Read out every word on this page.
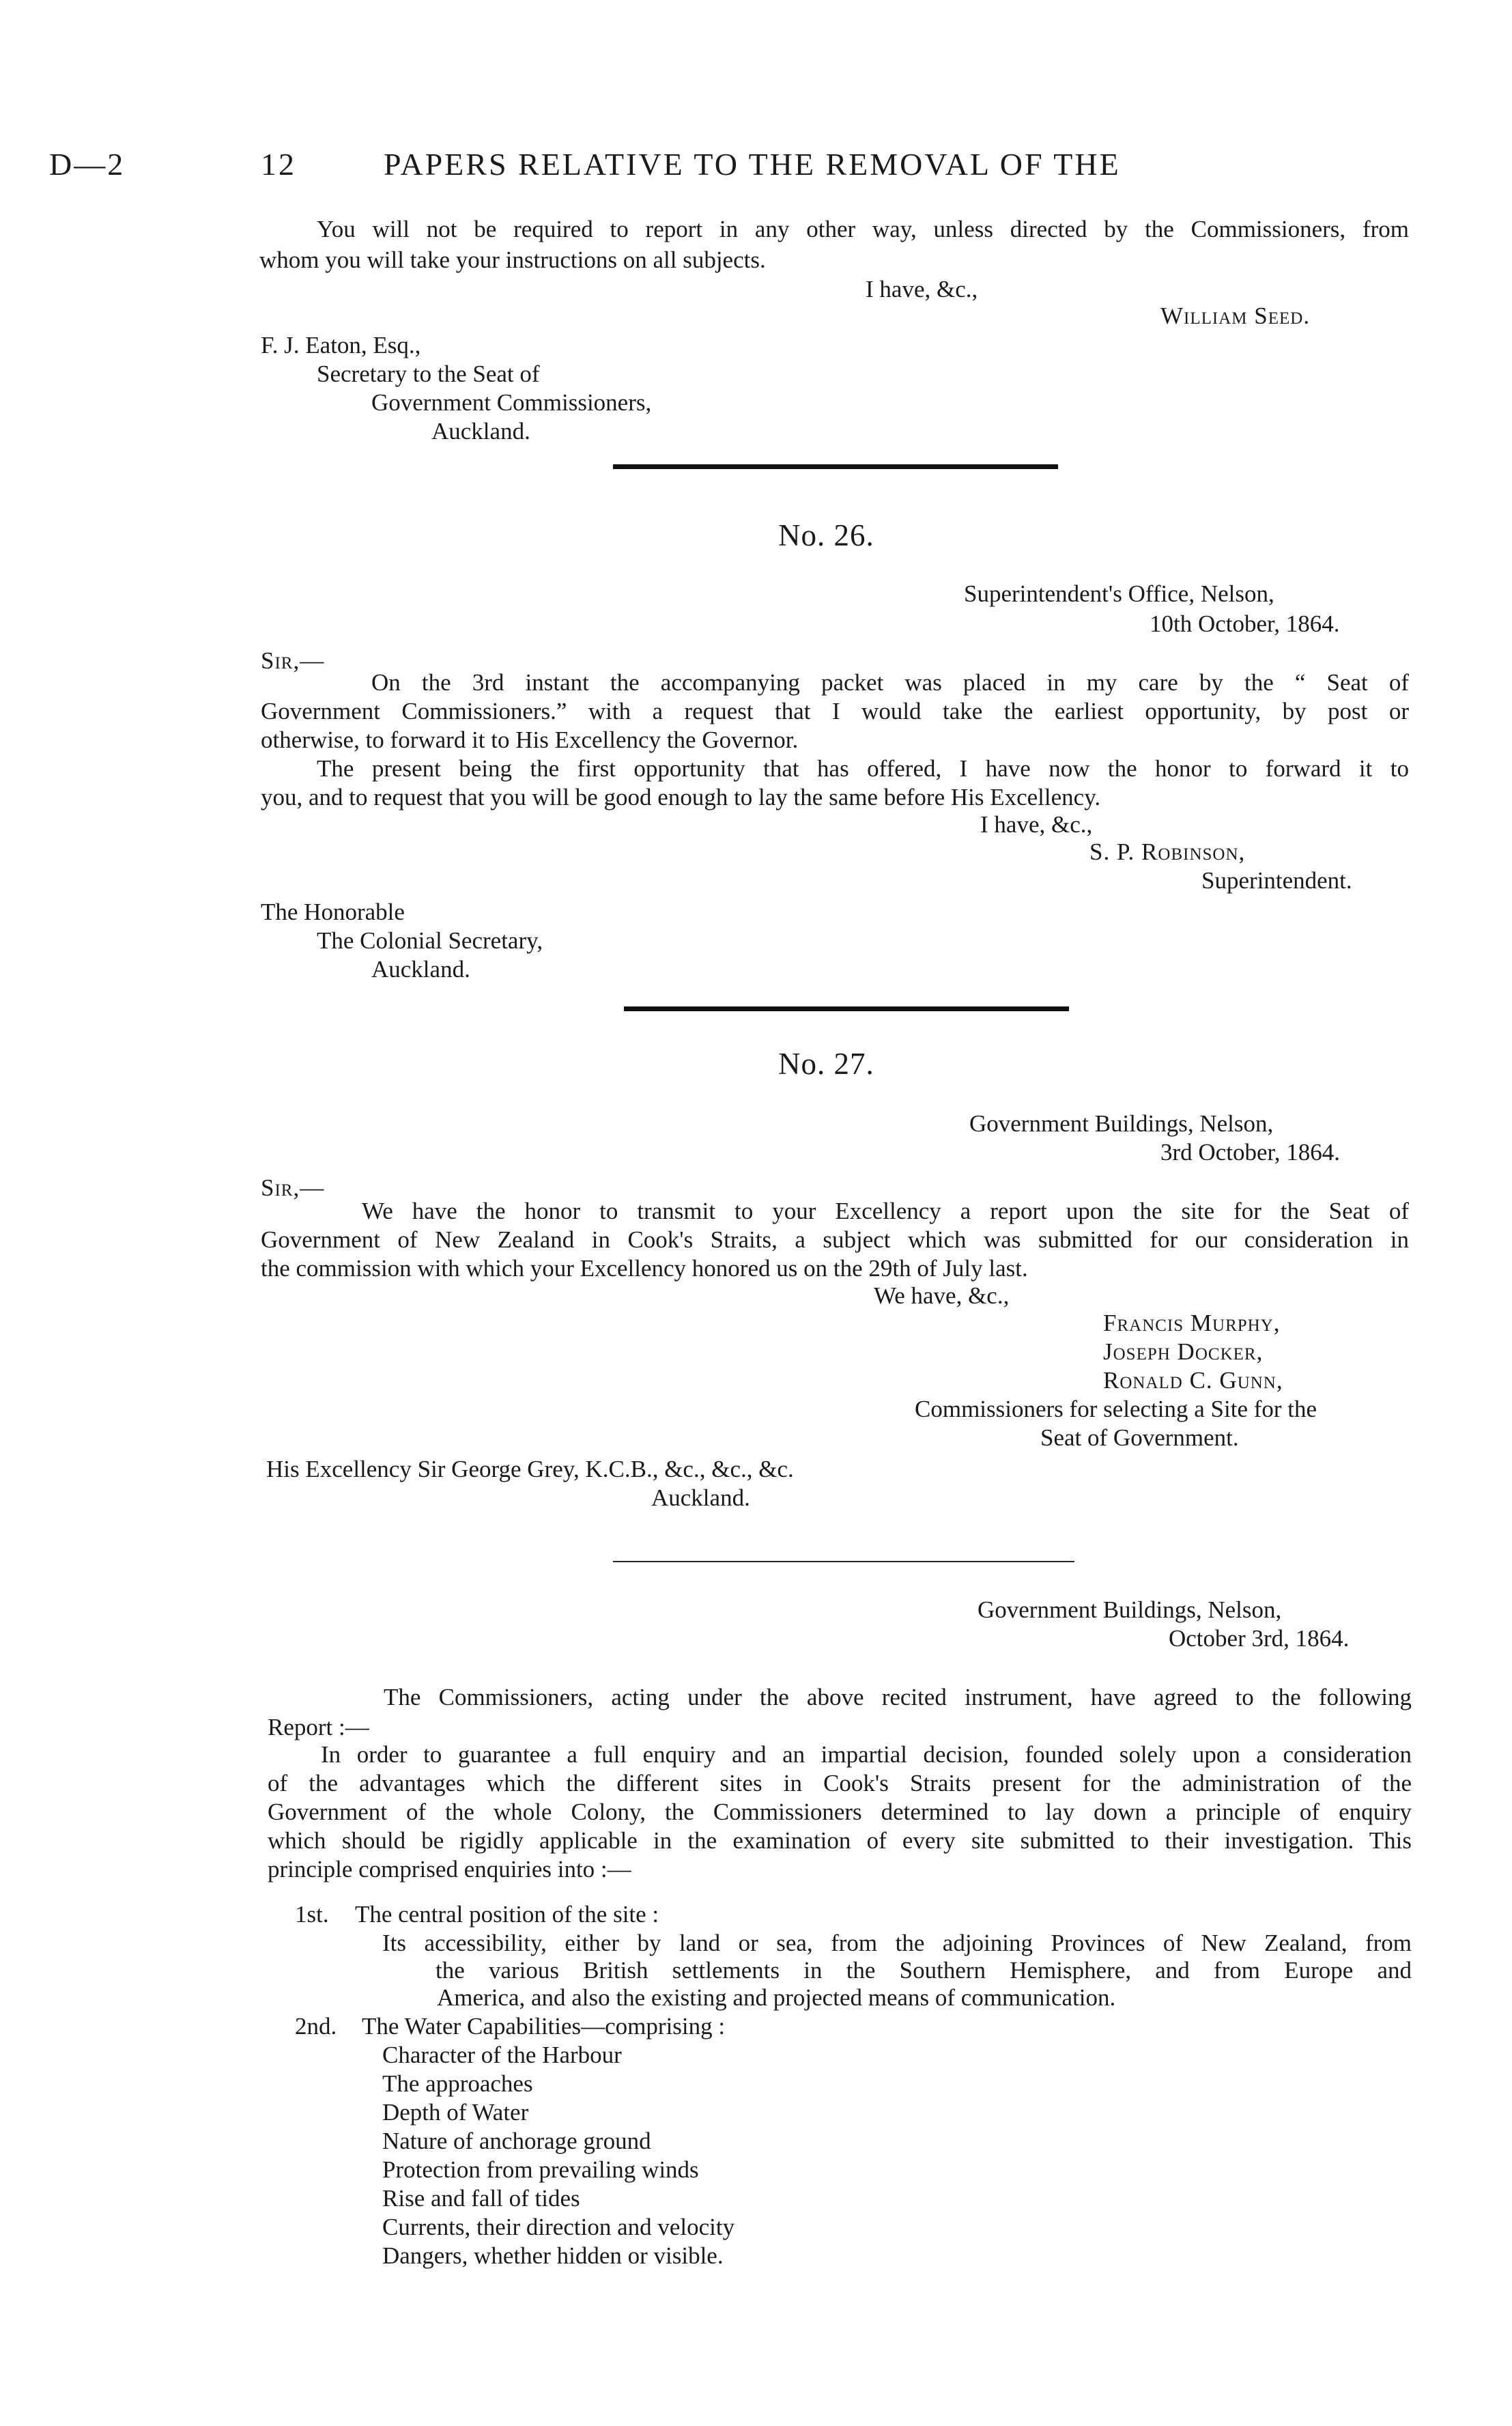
D—2	12	PAPERS RELATIVE TO THE REMOVAL OF THE
You will not be required to report in any other way, unless directed by the Commissioners, from
whom you will take your instructions on all subjects.
I have, &c.,
William Seed.
F. J. Eaton, Esq.,
Secretary to the Seat of
Government Commissioners,
Auckland.
No. 26.
Superintendent's Office, Nelson,
10th October, 1864.
Sir,—
On the 3rd instant the accompanying packet was placed in my care by the “ Seat of
Government Commissioners.” with a request that I would take the earliest opportunity, by post or
otherwise, to forward it to His Excellency the Governor.
The present being the first opportunity that has offered, I have now the honor to forward it to
you, and to request that you will be good enough to lay the same before His Excellency.
I have, &c.,
S. P. Robinson,
Superintendent.
The Honorable
The Colonial Secretary,
Auckland.
No. 27.
Government Buildings, Nelson,
3rd October, 1864.
Sir,—
We have the honor to transmit to your Excellency a report upon the site for the Seat of
Government of New Zealand in Cook's Straits, a subject which was submitted for our consideration in
the commission with which your Excellency honored us on the 29th of July last.
We have, &c.,
Francis Murphy,
Joseph Docker,
Ronald C. Gunn,
Commissioners for selecting a Site for the
Seat of Government.
His Excellency Sir George Grey, K.C.B., &c., &c., &c.
Auckland.
Government Buildings, Nelson,
October 3rd, 1864.
The Commissioners, acting under the above recited instrument, have agreed to the following
Report :—
In order to guarantee a full enquiry and an impartial decision, founded solely upon a consideration
of the advantages which the different sites in Cook's Straits present for the administration of the
Government of the whole Colony, the Commissioners determined to lay down a principle of enquiry
which should be rigidly applicable in the examination of every site submitted to their investigation. This
principle comprised enquiries into :—
1st. The central position of the site :
Its accessibility, either by land or sea, from the adjoining Provinces of New Zealand, from
the various British settlements in the Southern Hemisphere, and from Europe and
America, and also the existing and projected means of communication.
2nd. The Water Capabilities—comprising :
Character of the Harbour
The approaches
Depth of Water
Nature of anchorage ground
Protection from prevailing winds
Rise and fall of tides
Currents, their direction and velocity
Dangers, whether hidden or visible.
